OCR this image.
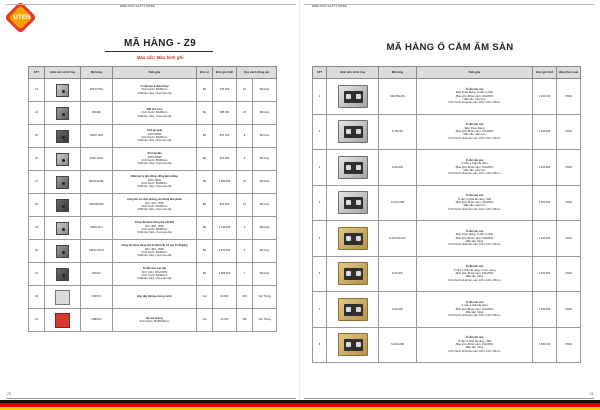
UTEN
ĐỈNH CAO CHẤT LƯỢNG
MÃ HÀNG - Z9
Màu sắc: Màu kính ghi
STT	Hình ảnh minh họa	Mã hàng	Diễn giải	Đơn vị	Đơn giá VnĐ	Quy cách đóng gói	
23		Z9KTV/TEL	Ổ cắm tivi & điện thoại
Kích thước: 86x86mm
Chất liệu: thép, nhựa cao cấp	Bộ	676.000	10	Bộ/ Hộp
24		Z9KMD	Mặt che trơn
Kích thước: 86x86mm
Chất liệu: thép, nhựa cao cấp	Bộ	388.000	20	Bộ/ Hộp
25		Z9KD-1D/S	Triết áp quạt
220V-500W
Kích thước: 86x86mm
Chất liệu: thép, nhựa cao cấp	Bộ	876.000	8	Bộ/ Hộp
26		Z9KD-1D/G	Triết áp đèn
220V-500W
Kích thước: 86x86mm
Chất liệu: thép, nhựa cao cấp	Bộ	876.000	8	Bộ/ Hộp
27		Z9KD-3G/BL	Điều tiết ly tâm đồng, đồng làm phẳng
220V~50Hz
Kích thước: 86x86mm
Chất liệu: thép, nhựa cao cấp	Bộ	1.680.000	10	Bộ/ Hộp
28		Z9KDP6A02	Công tắc xin dọn phòng, xin đừng làm phiền
AFV, 10A - 250V
Kích thước: 86x86mm
Chất liệu: thép, nhựa cao cấp	Bộ	816.000	10	Bộ/ Hộp
29		Z9KD-1DJ	Công tắc khóa đóng thẻ cắt 30A
AFV, 30A - 250V
Kích thước: 86x86mm
Chất liệu: thép, nhựa cao cấp	Bộ	2.732.000	6	Bộ/ Hộp
30		Z9KD-1D/V3	Công tắc khóa đóng thẻ từ 30A (cắt trễ sau 15-30giây)
AFV, 30A - 250V
Kích thước: 86x86mm
Chất liệu: thép, nhựa cao cấp	Bộ	3.332.000	6	Bộ/ Hộp
31		Z9KD/C	Ổ cắm dao cạo râu
AFV, 16A / 115V/230V
Kích thước: 86x86mm
Chất liệu: thép, nhựa cao cấp	Bộ	2.995.000	7	Bộ/ Hộp
32		U8FIP/C	Hộp đậy phòng chống nước	Cái	90.000	200	Cái/ Thùng
33		U8B0K/A	Đế âm tường
Kích thước: 80x80x50mm	Cái	24.000	100	Cái/ Thùng
73
ĐỈNH CAO CHẤT LƯỢNG
MÃ HÀNG Ổ CẮM ÂM SÀN
STT	Hình ảnh minh họa	Mã hàng	Diễn giải	Đơn giá Vnđ	Hãng Sản xuất
1		SZ12TEL/PC	Ổ cắm âm sàn
Điện thoại, Mạng, Ổ cắm 2 chấu
(Bao gồm đế âm sàn), 16A/250V
Mầu sắc: mầu trơn
Kích thước khoét âm sàn: 100 x 100 x 65mm	1.230.000	UTEN
2		S-TEL/PC	Ổ cắm âm sàn
Điện thoại, Mạng
(Bao gồm đế âm sàn), 16A/250V
Mầu sắc: mầu trơn
Kích thước khoét âm sàn: 100 x 100 x 65mm	1.230.000	UTEN
3		S-Z213/N	Ổ cắm âm sàn
Ổ cắm 3 chấu đa năng
(Bao gồm đế âm sàn), 16A/250V
Mầu sắc: mầu trơn
Kích thước khoét âm sàn: 100 x 100 x 65mm	1.230.000	UTEN
4		S-Z13/USB	Ổ cắm âm sàn
Ổ cắm 3 chấu đa năng, USB
(Bao gồm đế âm sàn), 16A/250V
Mầu sắc: mầu trơn
Kích thước khoét âm sàn: 100 x 100 x 65mm	1.500.000	UTEN
5		S-Z12/TEL/PC	Ổ cắm âm sàn
Điện thoại, Mạng, Ổ cắm 2 chấu
(Bao gồm đế âm sàn), 16A/250V
Mầu sắc: Vàng
Kích thước khoét âm sàn: 100 x 100 x 65mm	1.230.000	UTEN
6		S-Z13/PC	Ổ cắm âm sàn
Ổ cắm 3 chấu đa năng, ổ cắm mạng
(Bao gồm đế âm sàn), 16A/250V
Mầu sắc: Vàng
Kích thước khoét âm sàn: 100 x 100 x 65mm	1.230.000	UTEN
7		S-Z213/N	Ổ cắm âm sàn
Ổ cắm 3 chấu đa năng
(Bao gồm đế âm sàn), 16A/250V
Mầu sắc: Vàng
Kích thước khoét âm sàn: 100 x 100 x 65mm	1.230.000	UTEN
8		S-Z13/USB	Ổ cắm âm sàn
Ổ cắm 3 chấu đa năng, USB
(Bao gồm đế âm sàn), 16A/250V
Mầu sắc: Vàng
Kích thước khoét âm sàn: 100 x 100 x 65mm	1.500.000	UTEN
74
